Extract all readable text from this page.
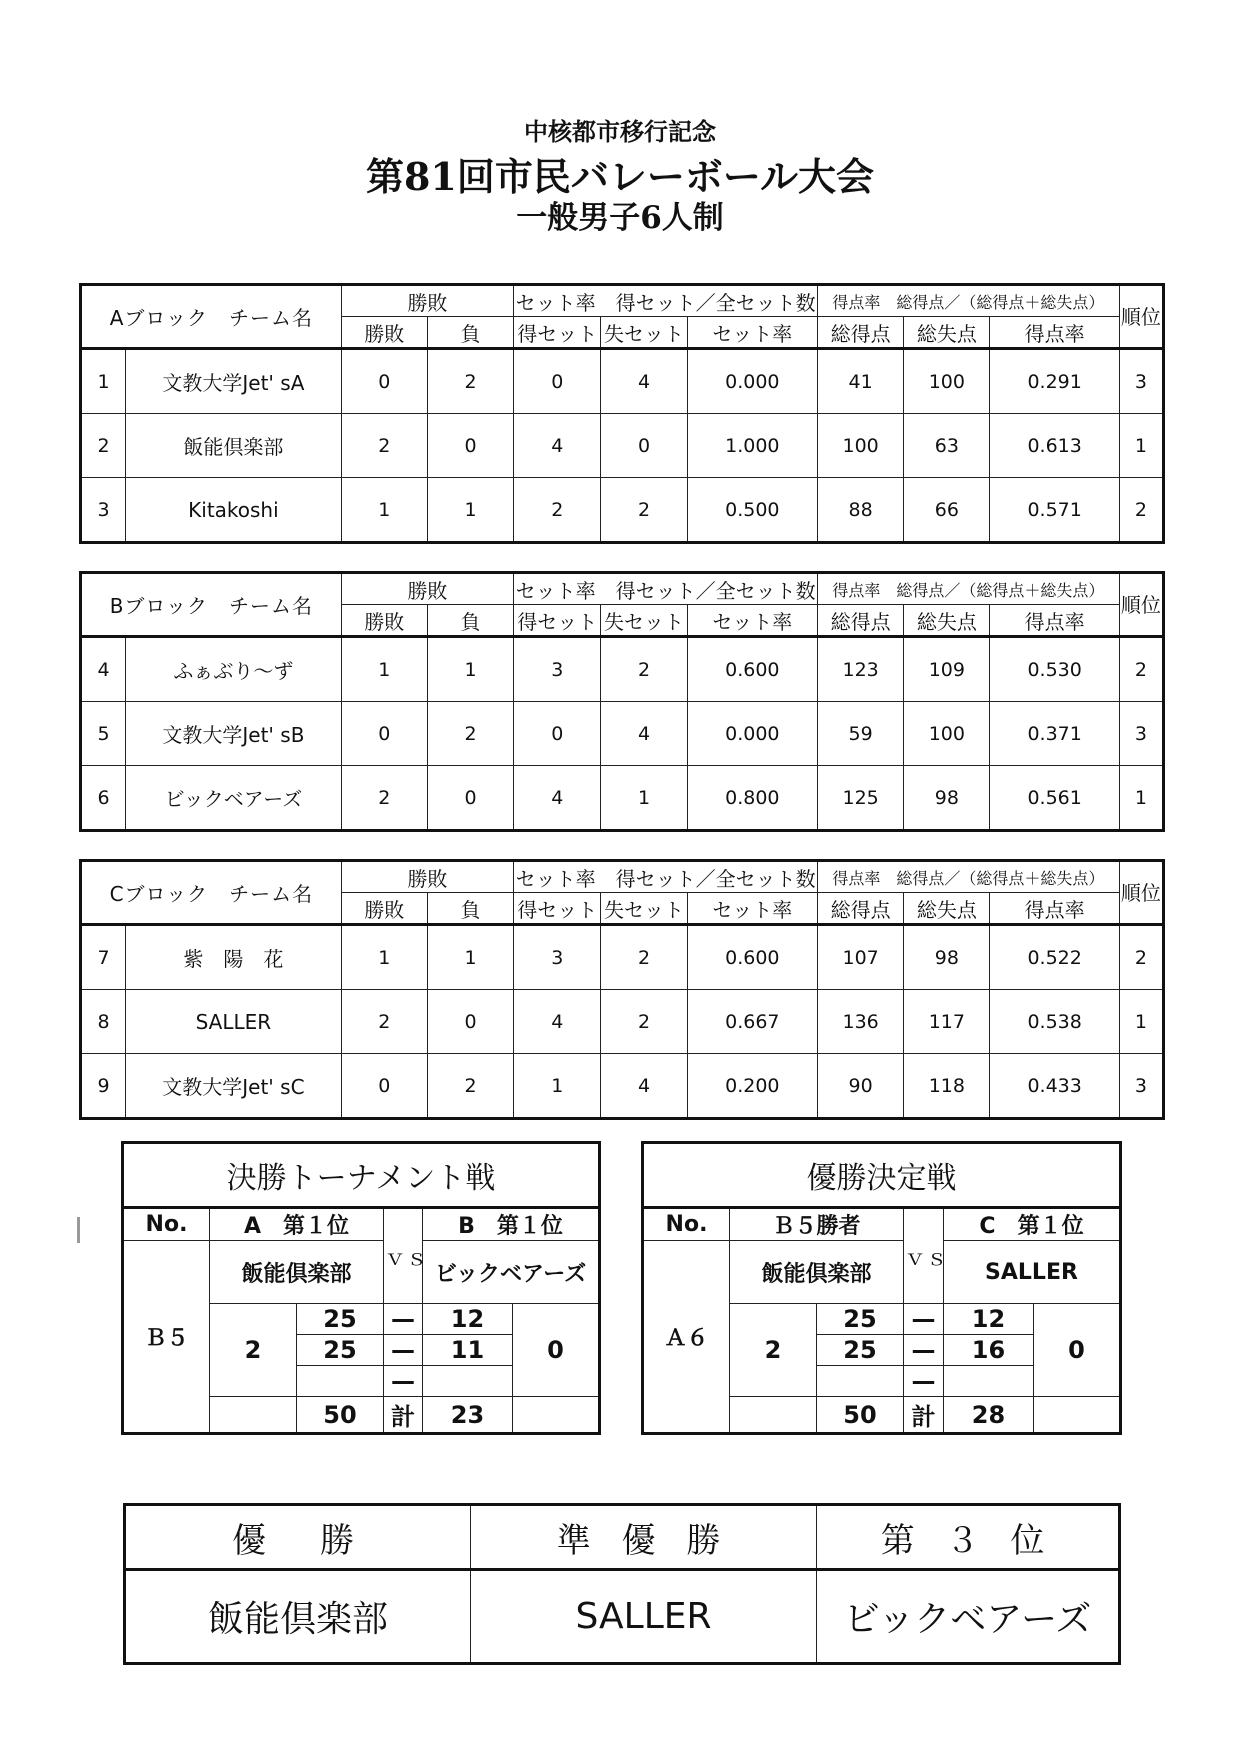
中核都市移行記念
第81回市民バレーボール大会
一般男子6人制
Aブロック　チーム名		勝敗		セット率　得セット／全セット数			得点率　総得点／（総得点＋総失点）			順位
		勝敗	負	得セット	失セット	セット率	総得点	総失点	得点率	
1	文教大学Jet' sA	0	2	0	4	0.000	41	100	0.291	3
2	飯能倶楽部	2	0	4	0	1.000	100	63	0.613	1
3	Kitakoshi	1	1	2	2	0.500	88	66	0.571	2
Bブロック　チーム名		勝敗		セット率　得セット／全セット数			得点率　総得点／（総得点＋総失点）			順位
		勝敗	負	得セット	失セット	セット率	総得点	総失点	得点率	
4	ふぁぶり〜ず	1	1	3	2	0.600	123	109	0.530	2
5	文教大学Jet' sB	0	2	0	4	0.000	59	100	0.371	3
6	ビックベアーズ	2	0	4	1	0.800	125	98	0.561	1
Cブロック　チーム名		勝敗		セット率　得セット／全セット数			得点率　総得点／（総得点＋総失点）			順位
		勝敗	負	得セット	失セット	セット率	総得点	総失点	得点率	
7	紫　陽　花	1	1	3	2	0.600	107	98	0.522	2
8	SALLER	2	0	4	2	0.667	136	117	0.538	1
9	文教大学Jet' sC	0	2	1	4	0.200	90	118	0.433	3
決勝トーナメント戦					
No.	A　第１位		ｖｓ	B　第１位	
Ｂ５	飯能倶楽部			ビックベアーズ	
	2	25	—	12	0
		25	—	11	
			—		
		50	計	23	
優勝決定戦					
No.	Ｂ５勝者		ｖｓ	C　第１位	
Ａ６	飯能倶楽部			SALLER	
	2	25	—	12	0
		25	—	16	
			—		
		50	計	28	
優　勝	準 優 勝	第 ３ 位
飯能倶楽部	SALLER	ビックベアーズ
